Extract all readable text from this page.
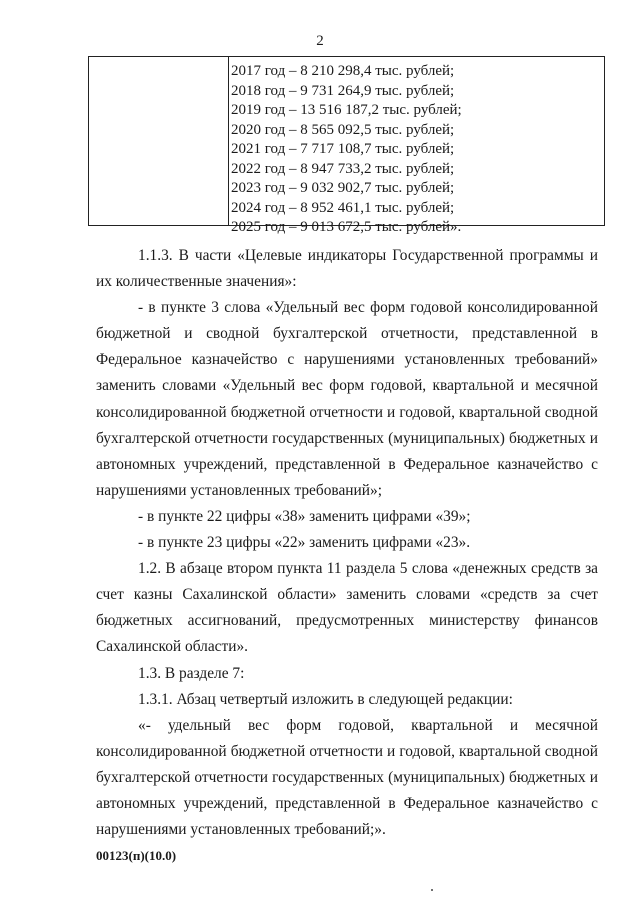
2
2017 год – 8 210 298,4 тыс. рублей;
2018 год – 9 731 264,9 тыс. рублей;
2019 год – 13 516 187,2 тыс. рублей;
2020 год – 8 565 092,5 тыс. рублей;
2021 год – 7 717 108,7 тыс. рублей;
2022 год – 8 947 733,2 тыс. рублей;
2023 год – 9 032 902,7 тыс. рублей;
2024 год – 8 952 461,1 тыс. рублей;
2025 год – 9 013 672,5 тыс. рублей».

1.1.3. В части «Целевые индикаторы Государственной программы и их количественные значения»:

- в пункте 3 слова «Удельный вес форм годовой консолидированной бюджетной и сводной бухгалтерской отчетности, представленной в Федеральное казначейство с нарушениями установленных требований» заменить словами «Удельный вес форм годовой, квартальной и месячной консолидированной бюджетной отчетности и годовой, квартальной сводной бухгалтерской отчетности государственных (муниципальных) бюджетных и автономных учреждений, представленной в Федеральное казначейство с нарушениями установленных требований»;

- в пункте 22 цифры «38» заменить цифрами «39»;

- в пункте 23 цифры «22» заменить цифрами «23».

1.2. В абзаце втором пункта 11 раздела 5 слова «денежных средств за счет казны Сахалинской области» заменить словами «средств за счет бюджетных ассигнований, предусмотренных министерству финансов Сахалинской области».

1.3. В разделе 7:

1.3.1. Абзац четвертый изложить в следующей редакции:

«- удельный вес форм годовой, квартальной и месячной консолидированной бюджетной отчетности и годовой, квартальной сводной бухгалтерской отчетности государственных (муниципальных) бюджетных и автономных учреждений, представленной в Федеральное казначейство с нарушениями установленных требований;».

00123(п)(10.0)
